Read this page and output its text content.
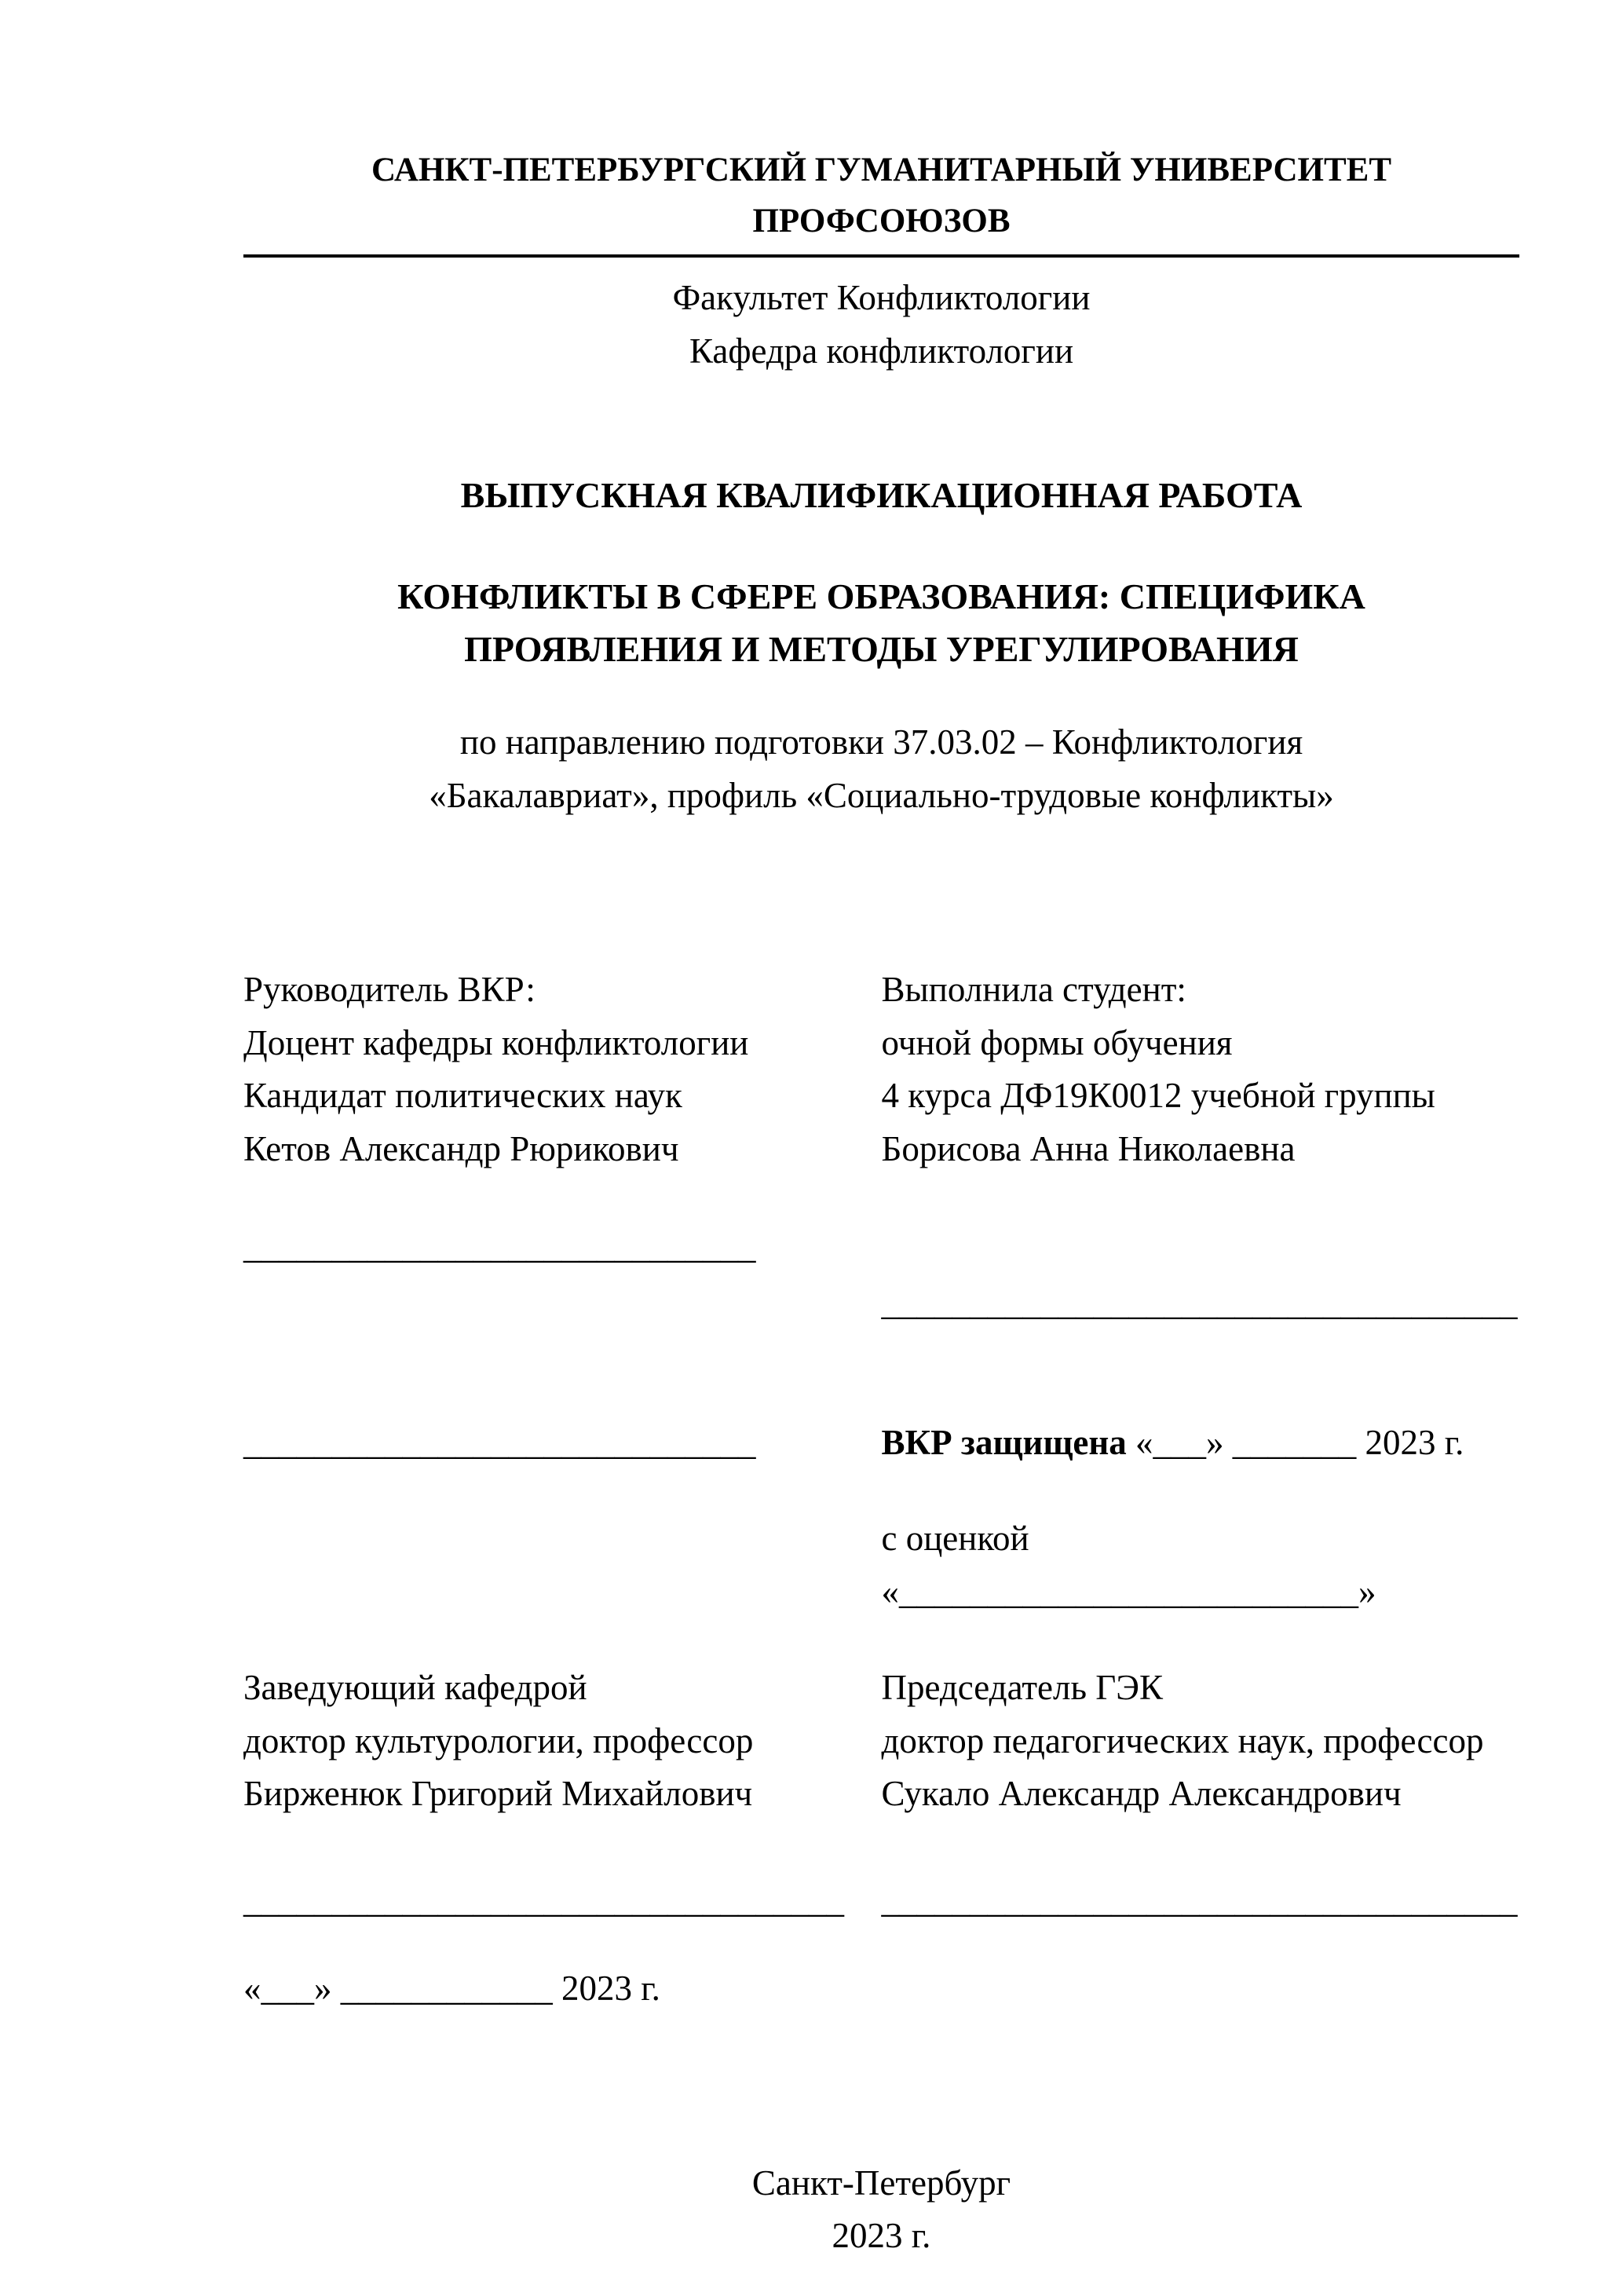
САНКТ-ПЕТЕРБУРГСКИЙ ГУМАНИТАРНЫЙ УНИВЕРСИТЕТ ПРОФСОЮЗОВ
Факультет Конфликтологии
Кафедра конфликтологии
ВЫПУСКНАЯ КВАЛИФИКАЦИОННАЯ РАБОТА
КОНФЛИКТЫ В СФЕРЕ ОБРАЗОВАНИЯ: СПЕЦИФИКА
ПРОЯВЛЕНИЯ И МЕТОДЫ УРЕГУЛИРОВАНИЯ
по направлению подготовки 37.03.02 – Конфликтология
«Бакалавриат», профиль «Социально-трудовые конфликты»
Руководитель ВКР:
Доцент кафедры конфликтологии
Кандидат политических наук
Кетов Александр Рюрикович
Выполнила студент:
очной формы обучения
4 курса ДФ19К0012 учебной группы
Борисова Анна Николаевна
_____________________________
____________________________________
_____________________________	ВКР защищена «___» _______ 2023 г.
с оценкой «__________________________»
Заведующий кафедрой
доктор культурологии, профессор
Бирженюк Григорий Михайлович
Председатель ГЭК
доктор педагогических наук, профессор
Сукало Александр Александрович
__________________________________	____________________________________
«___» ____________ 2023 г.
Санкт-Петербург
2023 г.
